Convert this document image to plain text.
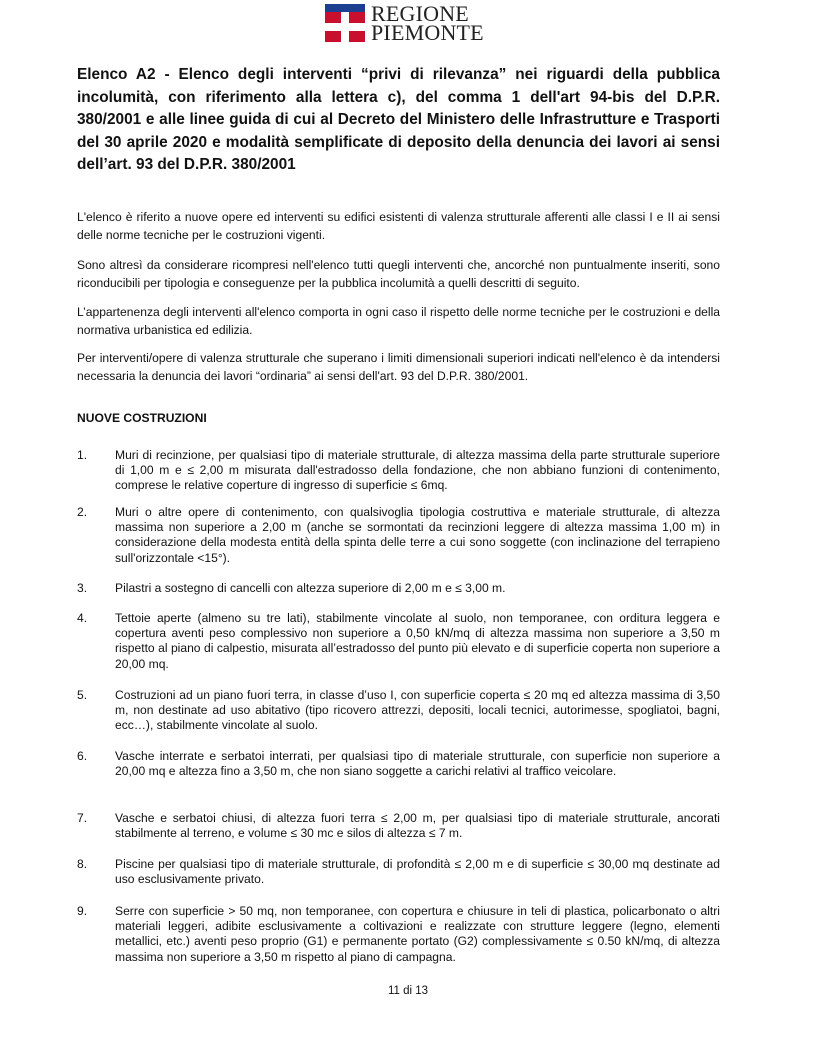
REGIONE
PIEMONTE

Elenco A2 - Elenco degli interventi “privi di rilevanza” nei riguardi della pubblica incolumità, con riferimento alla lettera c), del comma 1 dell'art 94-bis del D.P.R. 380/2001 e alle linee guida di cui al Decreto del Ministero delle Infrastrutture e Trasporti del 30 aprile 2020 e modalità semplificate di deposito della denuncia dei lavori ai sensi dell’art. 93 del D.P.R. 380/2001

L'elenco è riferito a nuove opere ed interventi su edifici esistenti di valenza strutturale afferenti alle classi I e II ai sensi delle norme tecniche per le costruzioni vigenti.

Sono altresì da considerare ricompresi nell'elenco tutti quegli interventi che, ancorché non puntualmente inseriti, sono riconducibili per tipologia e conseguenze per la pubblica incolumità a quelli descritti di seguito.

L’appartenenza degli interventi all'elenco comporta in ogni caso il rispetto delle norme tecniche per le costruzioni e della normativa urbanistica ed edilizia.

Per interventi/opere di valenza strutturale che superano i limiti dimensionali superiori indicati nell'elenco è da intendersi necessaria la denuncia dei lavori “ordinaria” ai sensi dell'art. 93 del D.P.R. 380/2001.

NUOVE COSTRUZIONI

1.	Muri di recinzione, per qualsiasi tipo di materiale strutturale, di altezza massima della parte strutturale superiore di 1,00 m e ≤ 2,00 m misurata dall'estradosso della fondazione, che non abbiano funzioni di contenimento, comprese le relative coperture di ingresso di superficie ≤ 6mq.
2.	Muri o altre opere di contenimento, con qualsivoglia tipologia costruttiva e materiale strutturale, di altezza massima non superiore a 2,00 m (anche se sormontati da recinzioni leggere di altezza massima 1,00 m) in considerazione della modesta entità della spinta delle terre a cui sono soggette (con inclinazione del terrapieno sull'orizzontale <15°).
3.	Pilastri a sostegno di cancelli con altezza superiore di 2,00 m e ≤ 3,00 m.
4.	Tettoie aperte (almeno su tre lati), stabilmente vincolate al suolo, non temporanee, con orditura leggera e copertura aventi peso complessivo non superiore a 0,50 kN/mq di altezza massima non superiore a 3,50 m rispetto al piano di calpestio, misurata all’estradosso del punto più elevato e di superficie coperta non superiore a 20,00 mq.
5.	Costruzioni ad un piano fuori terra, in classe d’uso I, con superficie coperta ≤ 20 mq ed altezza massima di 3,50 m, non destinate ad uso abitativo (tipo ricovero attrezzi, depositi, locali tecnici, autorimesse, spogliatoi, bagni, ecc…), stabilmente vincolate al suolo.
6.	Vasche interrate e serbatoi interrati, per qualsiasi tipo di materiale strutturale, con superficie non superiore a 20,00 mq e altezza fino a 3,50 m, che non siano soggette a carichi relativi al traffico veicolare.
7.	Vasche e serbatoi chiusi, di altezza fuori terra ≤ 2,00 m, per qualsiasi tipo di materiale strutturale, ancorati stabilmente al terreno, e volume ≤ 30 mc e silos di altezza ≤ 7 m.
8.	Piscine per qualsiasi tipo di materiale strutturale, di profondità ≤ 2,00 m e di superficie ≤ 30,00 mq destinate ad uso esclusivamente privato.
9.	Serre con superficie > 50 mq, non temporanee, con copertura e chiusure in teli di plastica, policarbonato o altri materiali leggeri, adibite esclusivamente a coltivazioni e realizzate con strutture leggere (legno, elementi metallici, etc.) aventi peso proprio (G1) e permanente portato (G2) complessivamente ≤ 0.50 kN/mq, di altezza massima non superiore a 3,50 m rispetto al piano di campagna.
11 di 13
